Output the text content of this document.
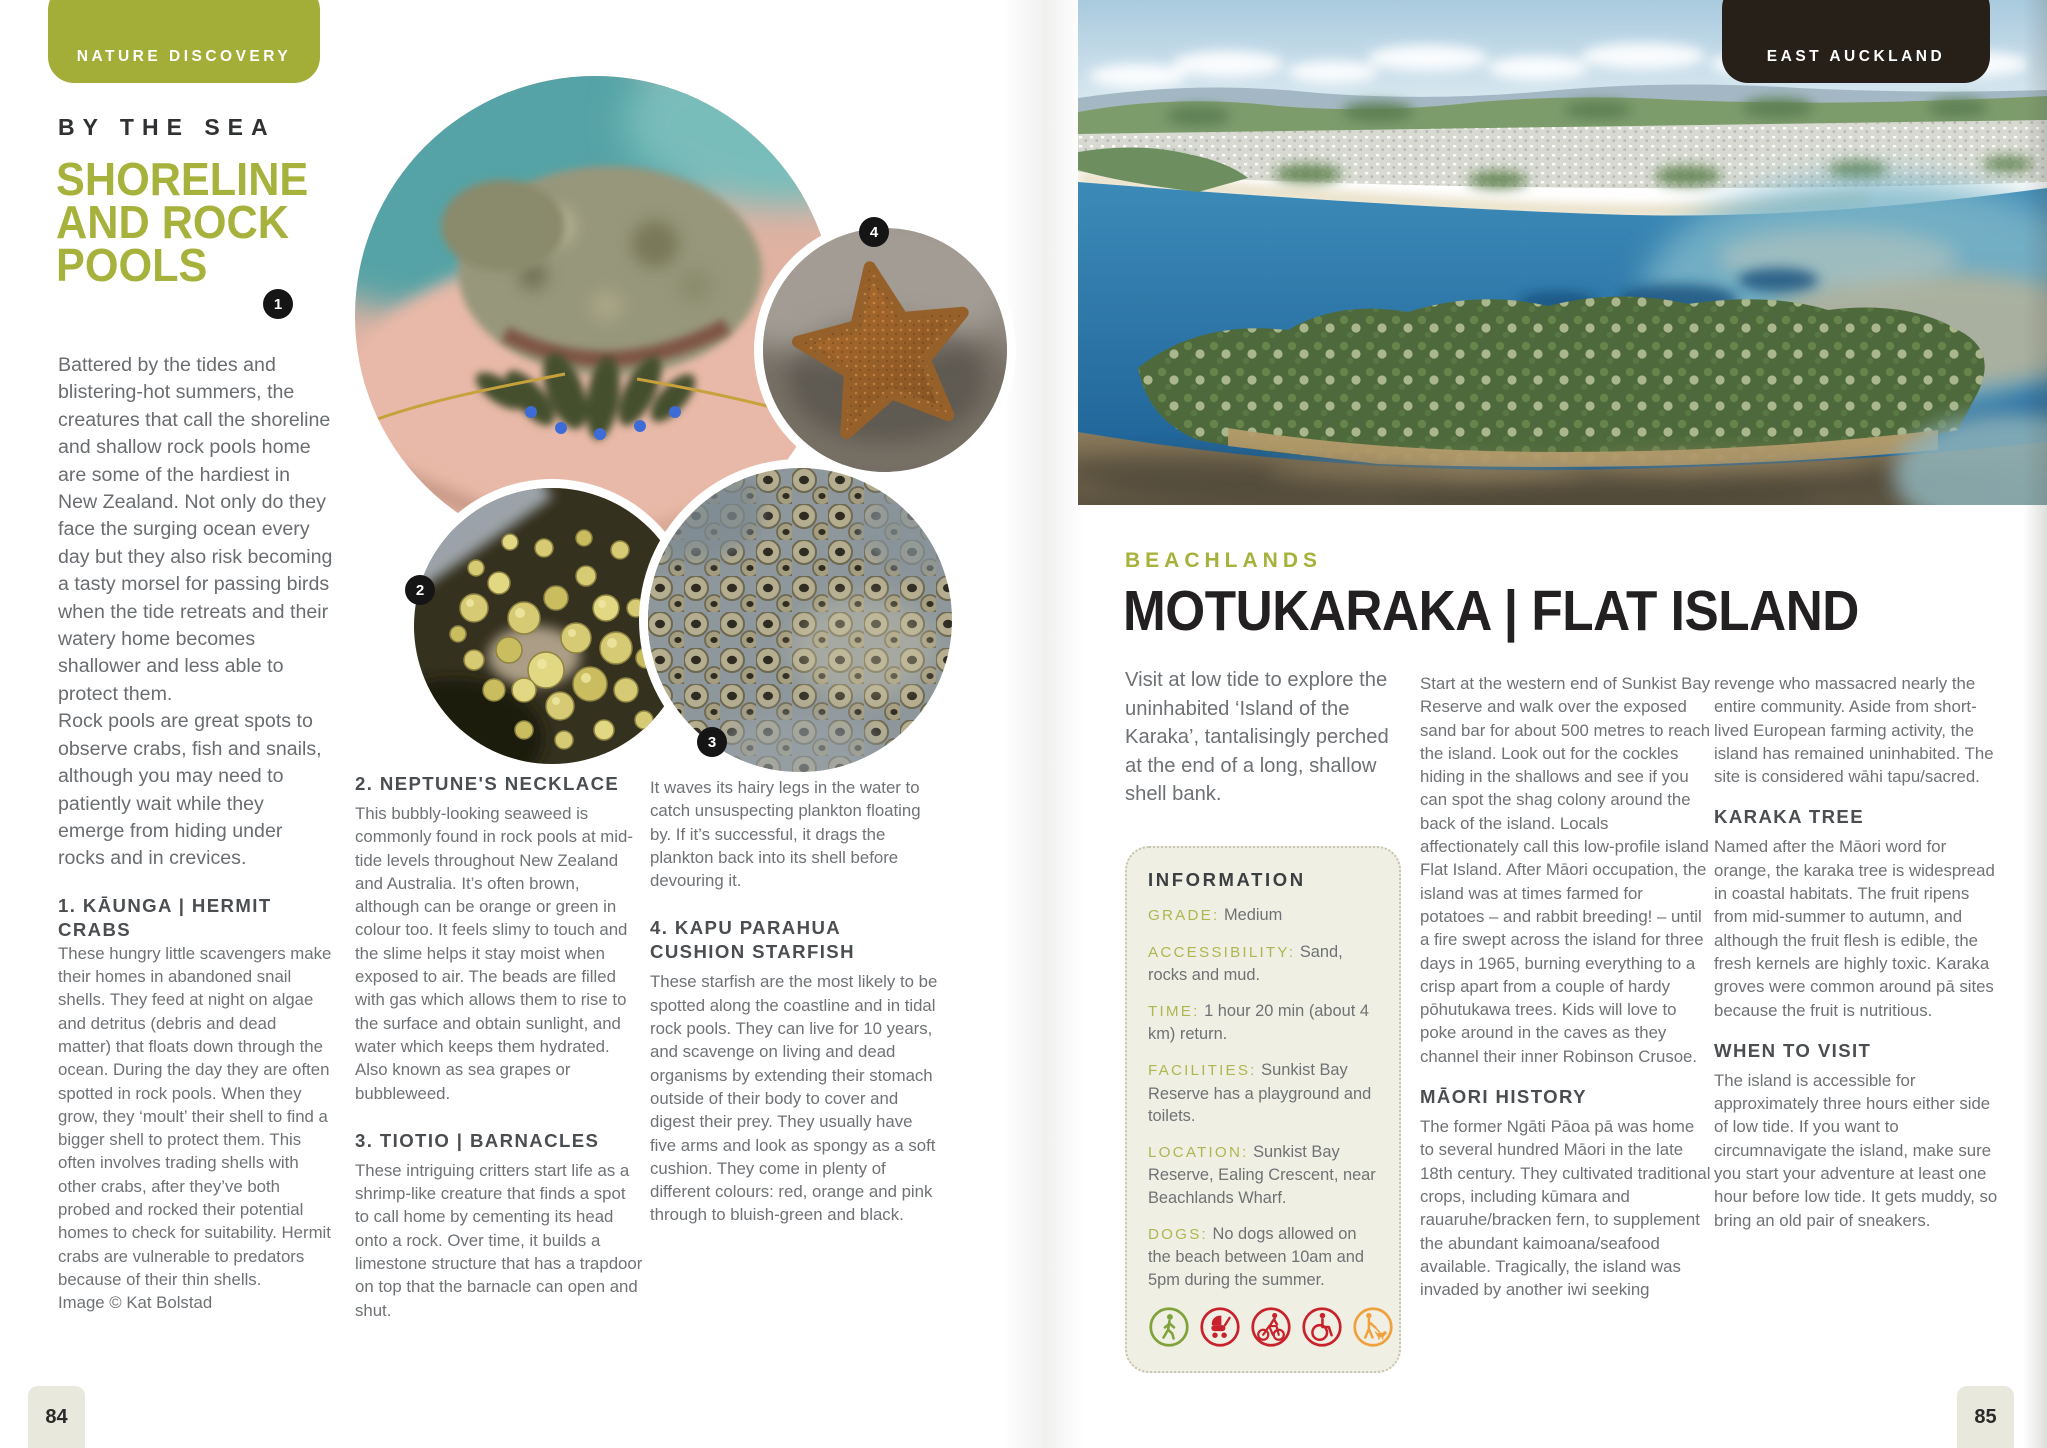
NATURE DISCOVERY
BY THE SEA
SHORELINE
AND ROCK
POOLS

Battered by the tides and blistering-hot summers, the creatures that call the shoreline and shallow rock pools home are some of the hardiest in New Zealand. Not only do they face the surging ocean every day but they also risk becoming a tasty morsel for passing birds when the tide retreats and their watery home becomes shallower and less able to protect them.

Rock pools are great spots to observe crabs, fish and snails, although you may need to patiently wait while they emerge from hiding under rocks and in crevices.

1. KĀUNGA | HERMIT CRABS

These hungry little scavengers make their homes in abandoned snail shells. They feed at night on algae and detritus (debris and dead matter) that floats down through the ocean. During the day they are often spotted in rock pools. When they grow, they ‘moult’ their shell to find a bigger shell to protect them. This often involves trading shells with other crabs, after they’ve both probed and rocked their potential homes to check for suitability. Hermit crabs are vulnerable to predators because of their thin shells.

Image © Kat Bolstad

2. NEPTUNE'S NECKLACE

This bubbly-looking seaweed is commonly found in rock pools at mid-tide levels throughout New Zealand and Australia. It’s often brown, although can be orange or green in colour too. It feels slimy to touch and the slime helps it stay moist when exposed to air. The beads are filled with gas which allows them to rise to the surface and obtain sunlight, and water which keeps them hydrated. Also known as sea grapes or bubbleweed.

3. TIOTIO | BARNACLES

These intriguing critters start life as a shrimp-like creature that finds a spot to call home by cementing its head onto a rock. Over time, it builds a limestone structure that has a trapdoor on top that the barnacle can open and shut.

It waves its hairy legs in the water to catch unsuspecting plankton floating by. If it’s successful, it drags the plankton back into its shell before devouring it.

4. KAPU PARAHUA CUSHION STARFISH

These starfish are the most likely to be spotted along the coastline and in tidal rock pools. They can live for 10 years, and scavenge on living and dead organisms by extending their stomach outside of their body to cover and digest their prey. They usually have five arms and look as spongy as a soft cushion. They come in plenty of different colours: red, orange and pink through to bluish-green and black.

1
2
3
4
EAST AUCKLAND
BEACHLANDS
MOTUKARAKA | FLAT ISLAND

Visit at low tide to explore the uninhabited ‘Island of the Karaka’, tantalisingly perched at the end of a long, shallow shell bank.

INFORMATION

GRADE: Medium

ACCESSIBILITY: Sand, rocks and mud.

TIME: 1 hour 20 min (about 4 km) return.

FACILITIES: Sunkist Bay Reserve has a playground and toilets.

LOCATION: Sunkist Bay Reserve, Ealing Crescent, near Beachlands Wharf.

DOGS: No dogs allowed on the beach between 10am and 5pm during the summer.

Start at the western end of Sunkist Bay Reserve and walk over the exposed sand bar for about 500 metres to reach the island. Look out for the cockles hiding in the shallows and see if you can spot the shag colony around the back of the island. Locals affectionately call this low-profile island Flat Island. After Māori occupation, the island was at times farmed for potatoes – and rabbit breeding! – until a fire swept across the island for three days in 1965, burning everything to a crisp apart from a couple of hardy pōhutukawa trees. Kids will love to poke around in the caves as they channel their inner Robinson Crusoe.

MĀORI HISTORY

The former Ngāti Pāoa pā was home to several hundred Māori in the late 18th century. They cultivated traditional crops, including kūmara and rauaruhe/bracken fern, to supplement the abundant kaimoana/seafood available. Tragically, the island was invaded by another iwi seeking

revenge who massacred nearly the entire community. Aside from short-lived European farming activity, the island has remained uninhabited. The site is considered wāhi tapu/sacred.

KARAKA TREE

Named after the Māori word for orange, the karaka tree is widespread in coastal habitats. The fruit ripens from mid-summer to autumn, and although the fruit flesh is edible, the fresh kernels are highly toxic. Karaka groves were common around pā sites because the fruit is nutritious.

WHEN TO VISIT

The island is accessible for approximately three hours either side of low tide. If you want to circumnavigate the island, make sure you start your adventure at least one hour before low tide. It gets muddy, so bring an old pair of sneakers.

84	85
